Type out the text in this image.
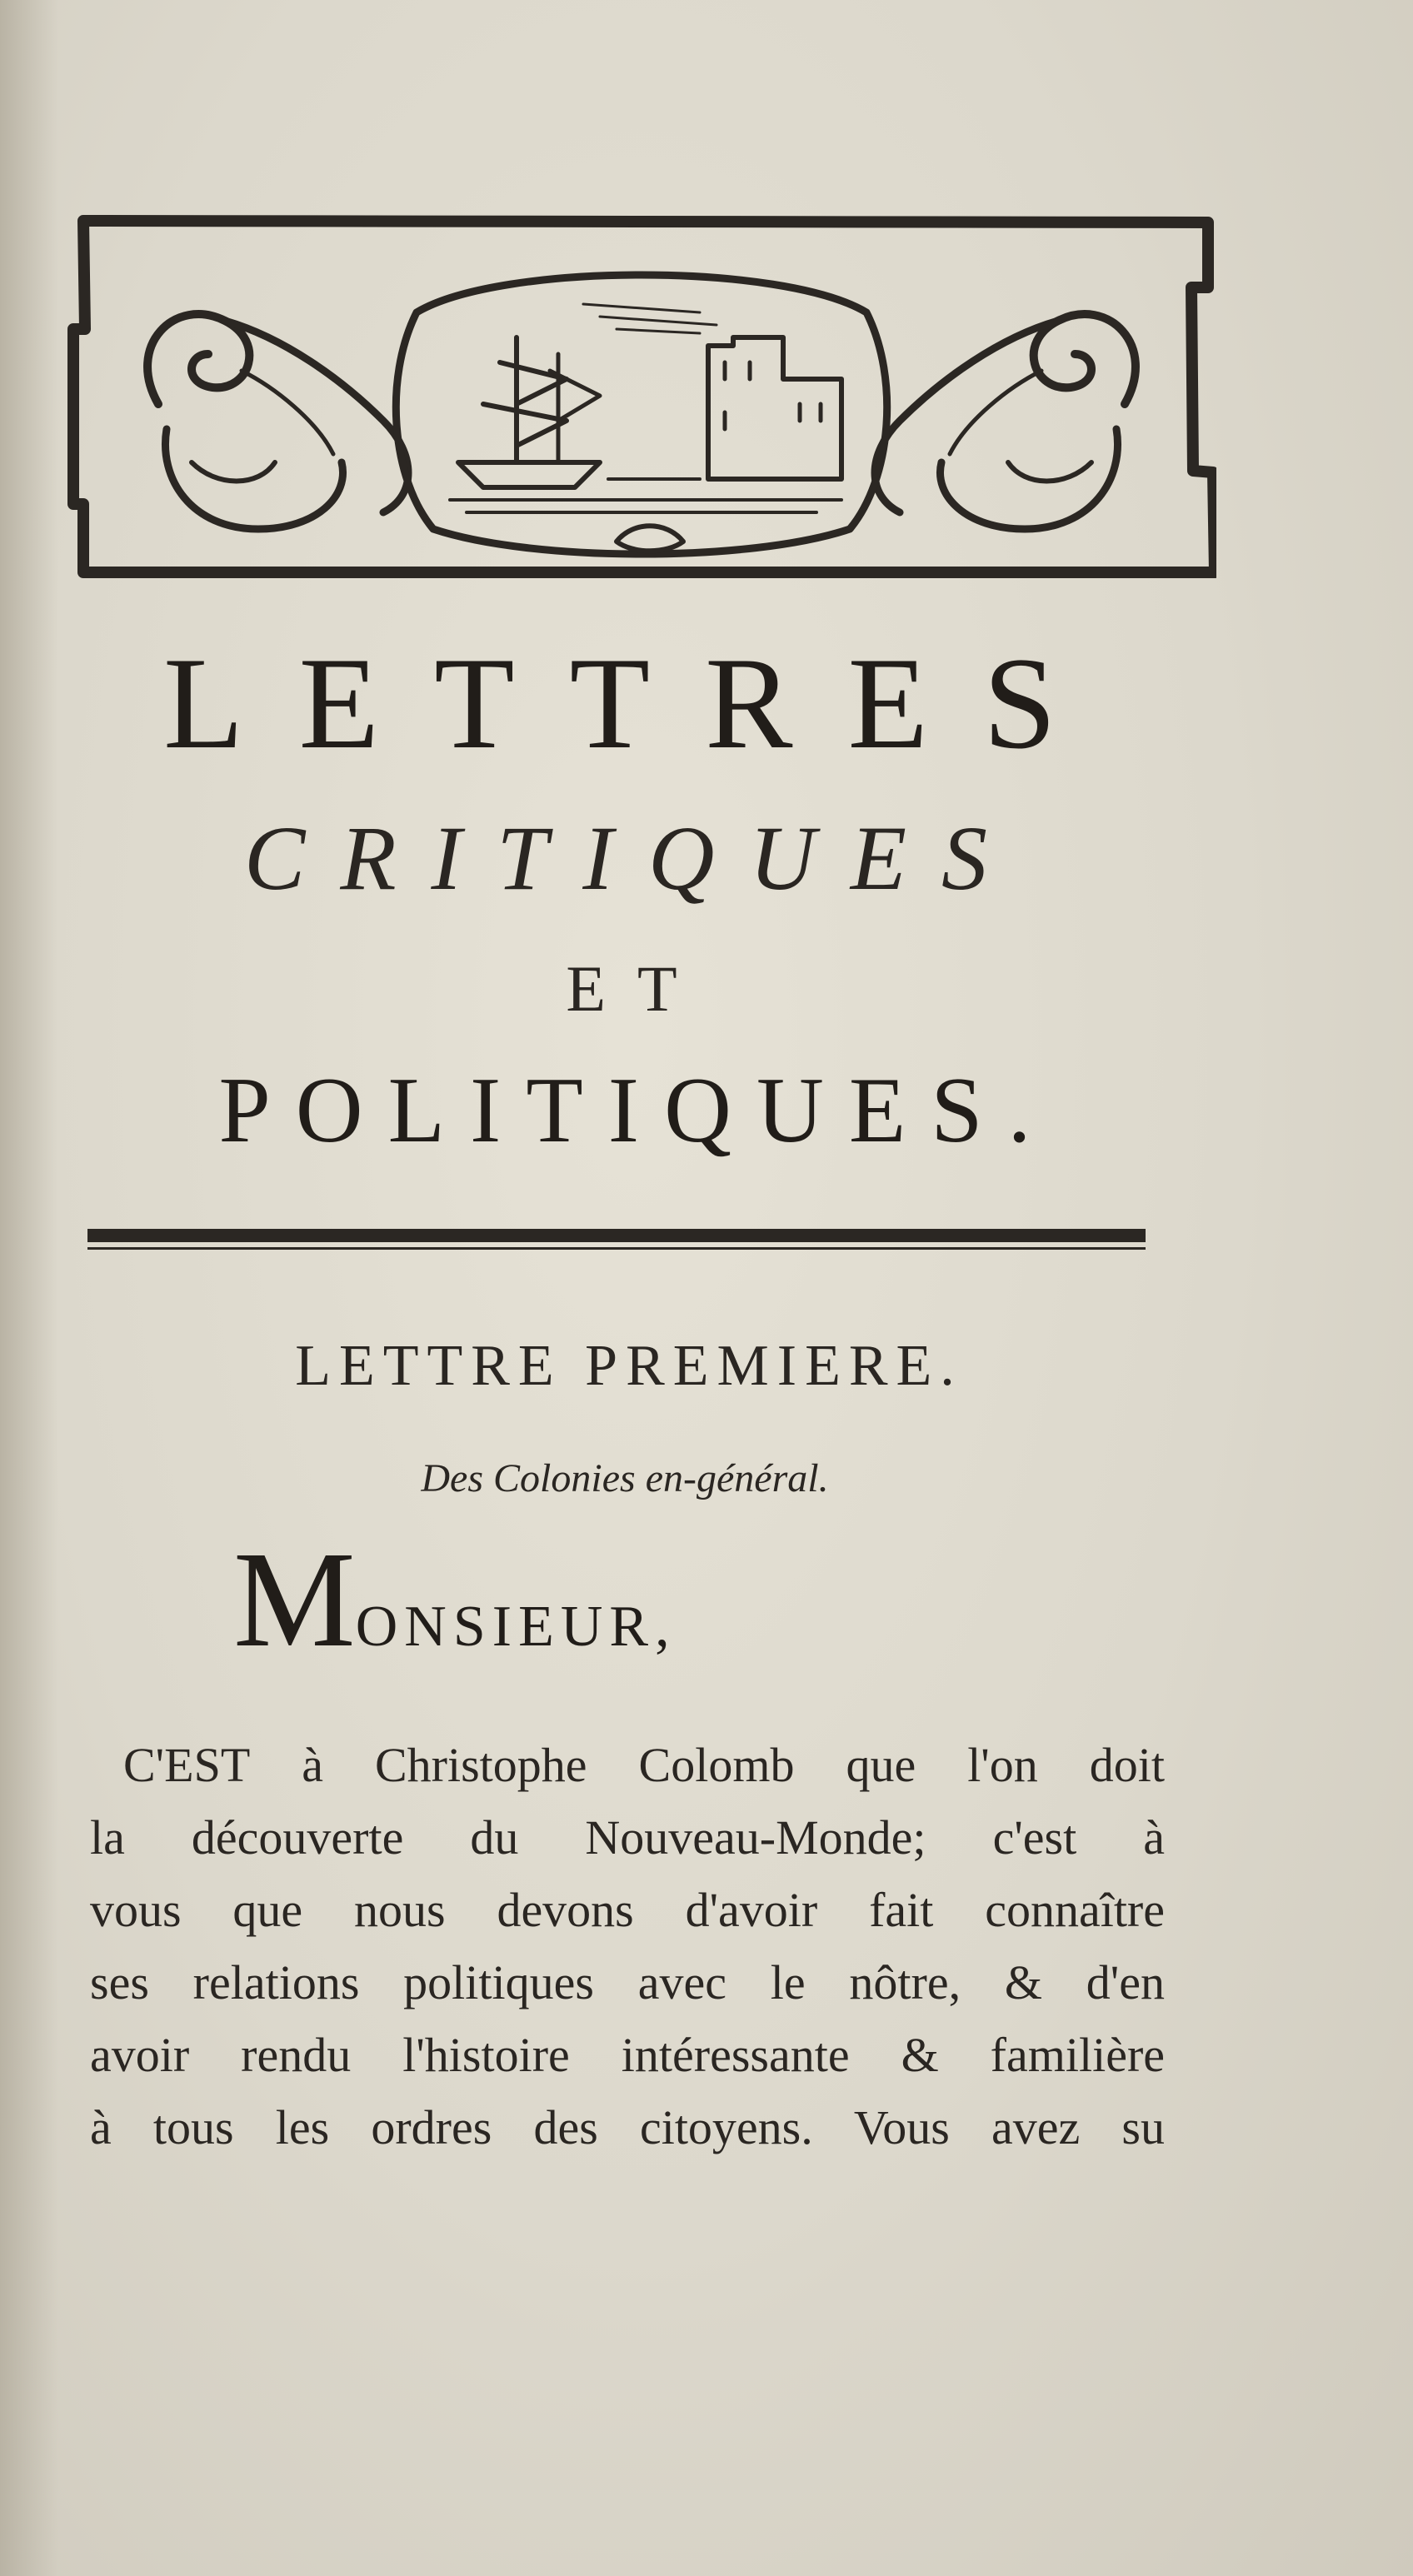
LETTRES
CRITIQUES
ET
POLITIQUES.
LETTRE PREMIERE.
Des Colonies en-général.
MONSIEUR,

C'EST à Christophe Colomb que l'on doit

la découverte du Nouveau-Monde; c'est à

vous que nous devons d'avoir fait connaître

ses relations politiques avec le nôtre, & d'en

avoir rendu l'histoire intéressante & familière

à tous les ordres des citoyens. Vous avez su
